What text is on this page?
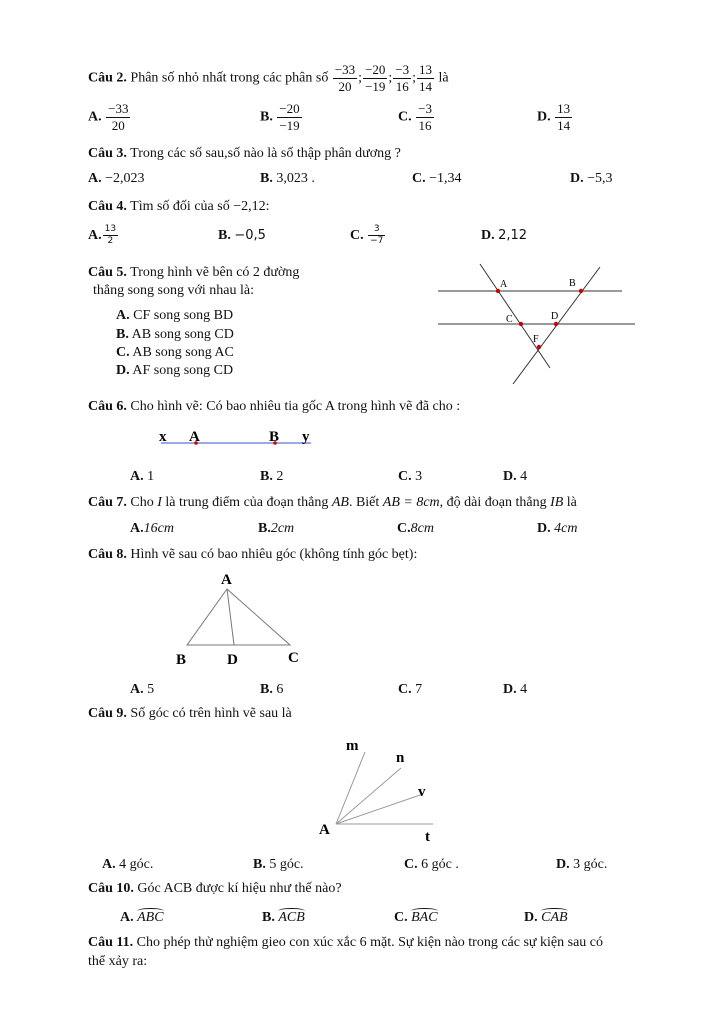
Câu 2. Phân số nhỏ nhất trong các phân số $\frac{-33}{20}$ ; $\frac{-20}{-19}$ ; $\frac{-3}{16}$ ; $\frac{13}{14}$ là
A. $\frac{-33}{20}$	B. $\frac{-20}{-19}$	C. $\frac{-3}{16}$	D. $\frac{13}{14}$
Câu 3. Trong các số sau,số nào là số thập phân dương ?
A. −2,023	B. 3,023 .	C. −1,34	D. −5,3
Câu 4. Tìm số đối của số −2,12:
A. $\frac{13}{2}$	B. −0,5	C. $\frac{3}{-7}$	D. 2,12
Câu 5. Trong hình vẽ bên có 2 đường
thẳng song song với nhau là:
A. CF song song BD
B. AB song song CD
C. AB song song AC
D. AF song song CD
A	B
C	D
F
Câu 6. Cho hình vẽ: Có bao nhiêu tia gốc A trong hình vẽ đã cho :
x A	B y
A. 1	B. 2	C. 3	D. 4
Câu 7. Cho I là trung điểm của đoạn thẳng AB. Biết AB = 8cm, độ dài đoạn thẳng IB là
A.16cm	B.2cm	C.8cm	D. 4cm
Câu 8. Hình vẽ sau có bao nhiêu góc (không tính góc bẹt):
A
B	D	C
A. 5	B. 6	C. 7	D. 4
Câu 9. Số góc có trên hình vẽ sau là
m
n
v
A	t
A. 4 góc.	B. 5 góc.	C. 6 góc .	D. 3 góc.
Câu 10. Góc ACB được kí hiệu như thế nào?
A. ABC	B. ACB	C. BAC	D. CAB
Câu 11. Cho phép thử nghiệm gieo con xúc xắc 6 mặt. Sự kiện nào trong các sự kiện sau có
thể xảy ra:
